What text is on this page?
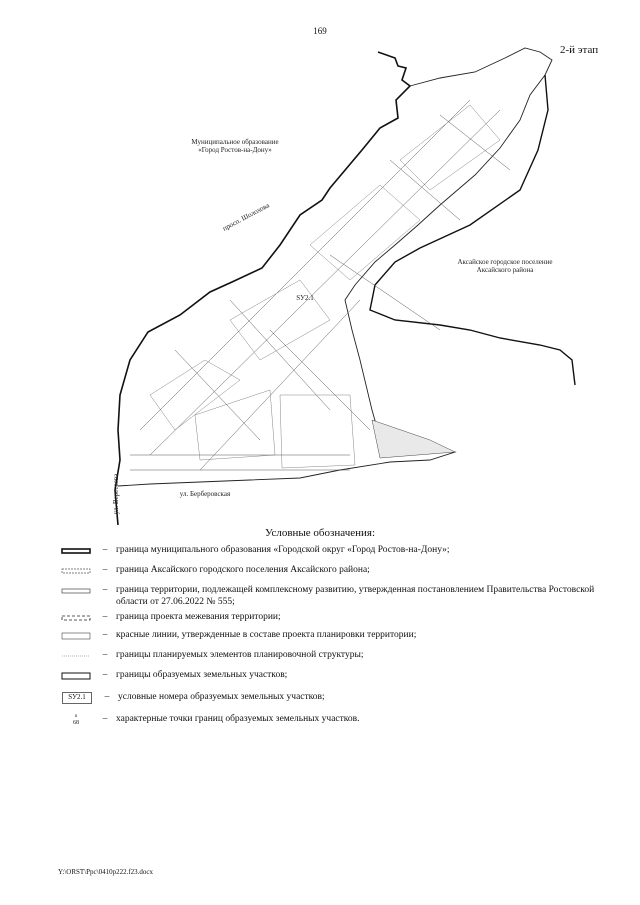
169
2-й этап
Муниципальное образование
«Город Ростов-на-Дону»
Аксайское городское поселение
Аксайского района
просп. Шолохова
ул. Берберовская
ул. Вересаевa
SУ2.1
Условные обозначения:
– граница муниципального образования «Городской округ «Город Ростов-на-Дону»;
– граница Аксайского городского поселения Аксайского района;
– граница территории, подлежащей комплексному развитию, утвержденная постановлением Правительства Ростовской области от 27.06.2022 № 555;
– граница проекта межевания территории;
– красные линии, утвержденные в составе проекта планировки территории;
– границы планируемых элементов планировочной структуры;
– границы образуемых земельных участков;
SУ2.1	– условные номера образуемых земельных участков;
o
68	– характерные точки границ образуемых земельных участков.
Y:\ORST\Ppc\0410p222.f23.docx
